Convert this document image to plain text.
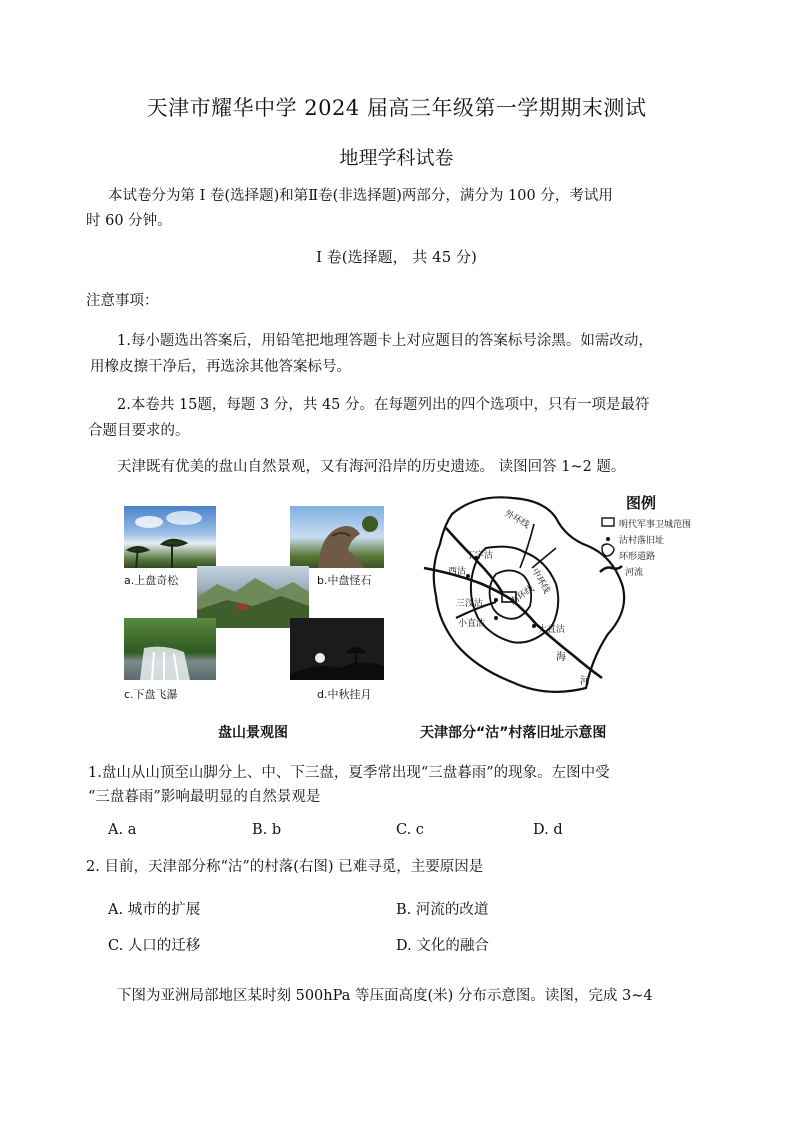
天津市耀华中学 2024 届高三年级第一学期期末测试
地理学科试卷
本试卷分为第 I 卷(选择题)和第Ⅱ卷(非选择题)两部分，满分为 100 分，考试用
时 60 分钟。
I 卷(选择题， 共 45 分)
注意事项：
1.每小题选出答案后，用铅笔把地理答题卡上对应题目的答案标号涂黑。如需改动，
用橡皮擦干净后，再选涂其他答案标号。
2.本卷共 15题，每题 3 分，共 45 分。在每题列出的四个选项中，只有一项是最符
合题目要求的。
天津既有优美的盘山自然景观，又有海河沿岸的历史遗迹。 读图回答 1~2 题。
a.上盘奇松	b.中盘怪石
c.下盘飞瀑	d.中秋挂月
盘山景观图
图例
明代军事卫城范围
沽村落旧址
环形道路
河流
外环线
中环线
内环线
丁字沽
西沽
三汊沽
小直沽
大直沽
海
河
天津部分“沽”村落旧址示意图
1.盘山从山顶至山脚分上、中、下三盘，夏季常出现“三盘暮雨”的现象。左图中受
“三盘暮雨”影响最明显的自然景观是
A. a	B. b	C. c	D. d
2. 目前，天津部分称“沽”的村落(右图) 已难寻觅，主要原因是
A. 城市的扩展	B. 河流的改道
C. 人口的迁移	D. 文化的融合
下图为亚洲局部地区某时刻 500hPa 等压面高度(米) 分布示意图。读图，完成 3~4
